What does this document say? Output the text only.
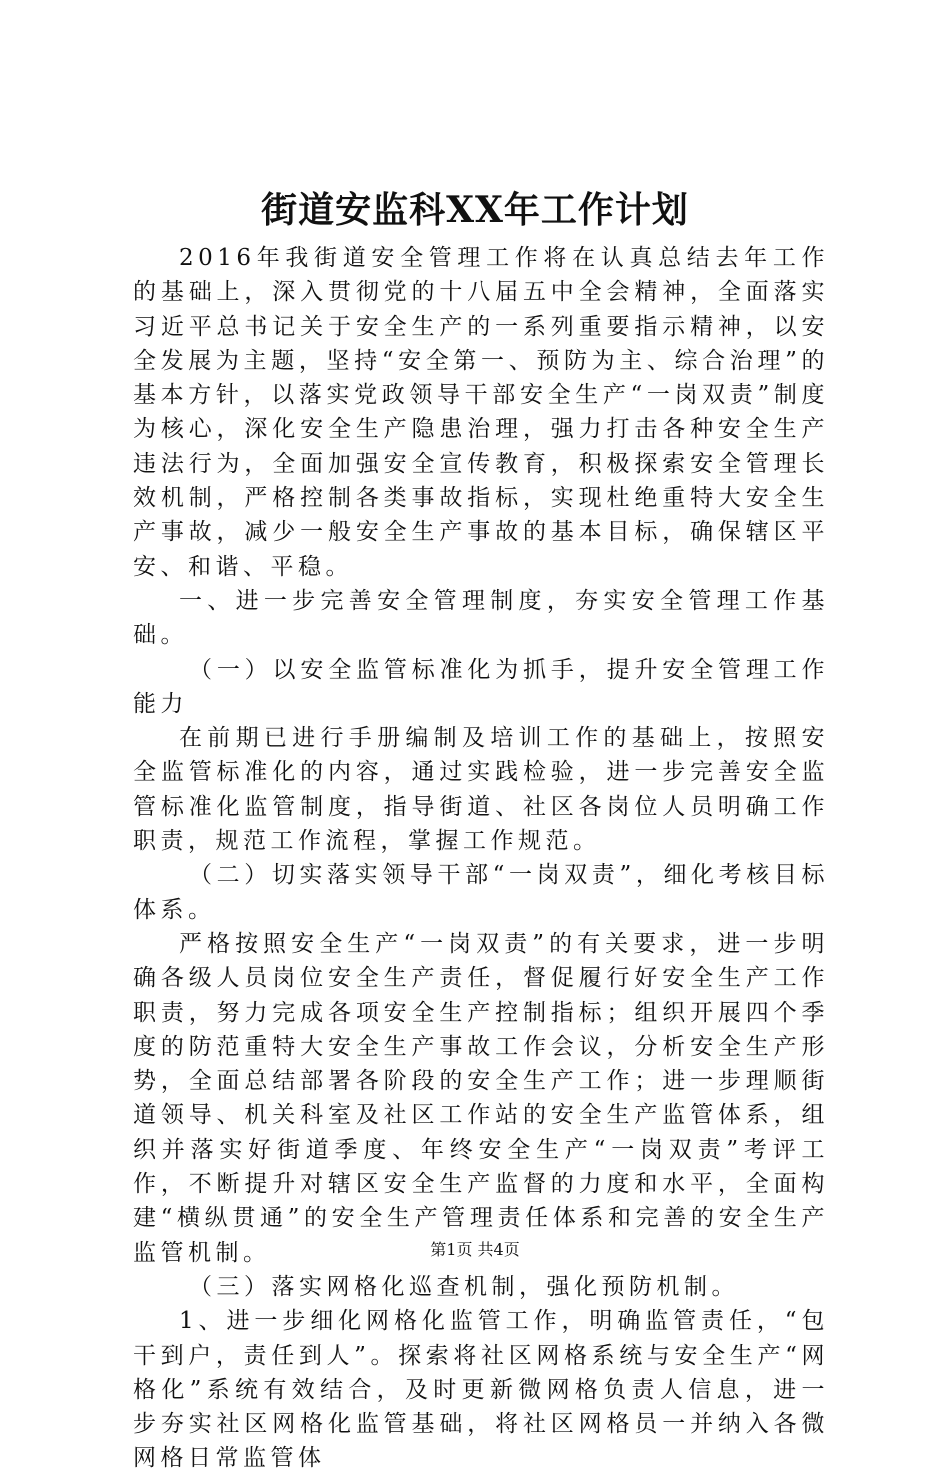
街道安监科XX年工作计划

2016年我街道安全管理工作将在认真总结去年工作的基础上，深入贯彻党的十八届五中全会精神，全面落实习近平总书记关于安全生产的一系列重要指示精神，以安全发展为主题，坚持“安全第一、预防为主、综合治理”的基本方针，以落实党政领导干部安全生产“一岗双责”制度为核心，深化安全生产隐患治理，强力打击各种安全生产违法行为，全面加强安全宣传教育，积极探索安全管理长效机制，严格控制各类事故指标，实现杜绝重特大安全生产事故，减少一般安全生产事故的基本目标，确保辖区平安、和谐、平稳。

一、进一步完善安全管理制度，夯实安全管理工作基础。

（一）以安全监管标准化为抓手，提升安全管理工作能力

在前期已进行手册编制及培训工作的基础上，按照安全监管标准化的内容，通过实践检验，进一步完善安全监管标准化监管制度，指导街道、社区各岗位人员明确工作职责，规范工作流程，掌握工作规范。

（二）切实落实领导干部“一岗双责”，细化考核目标体系。

严格按照安全生产“一岗双责”的有关要求，进一步明确各级人员岗位安全生产责任，督促履行好安全生产工作职责，努力完成各项安全生产控制指标；组织开展四个季度的防范重特大安全生产事故工作会议，分析安全生产形势，全面总结部署各阶段的安全生产工作；进一步理顺街道领导、机关科室及社区工作站的安全生产监管体系，组织并落实好街道季度、年终安全生产“一岗双责”考评工作，不断提升对辖区安全生产监督的力度和水平，全面构建“横纵贯通”的安全生产管理责任体系和完善的安全生产监管机制。

（三）落实网格化巡查机制，强化预防机制。

1、进一步细化网格化监管工作，明确监管责任，“包干到户，责任到人”。探索将社区网格系统与安全生产“网格化”系统有效结合，及时更新微网格负责人信息，进一步夯实社区网格化监管基础，将社区网格员一并纳入各微网格日常监管体

第1页 共4页
